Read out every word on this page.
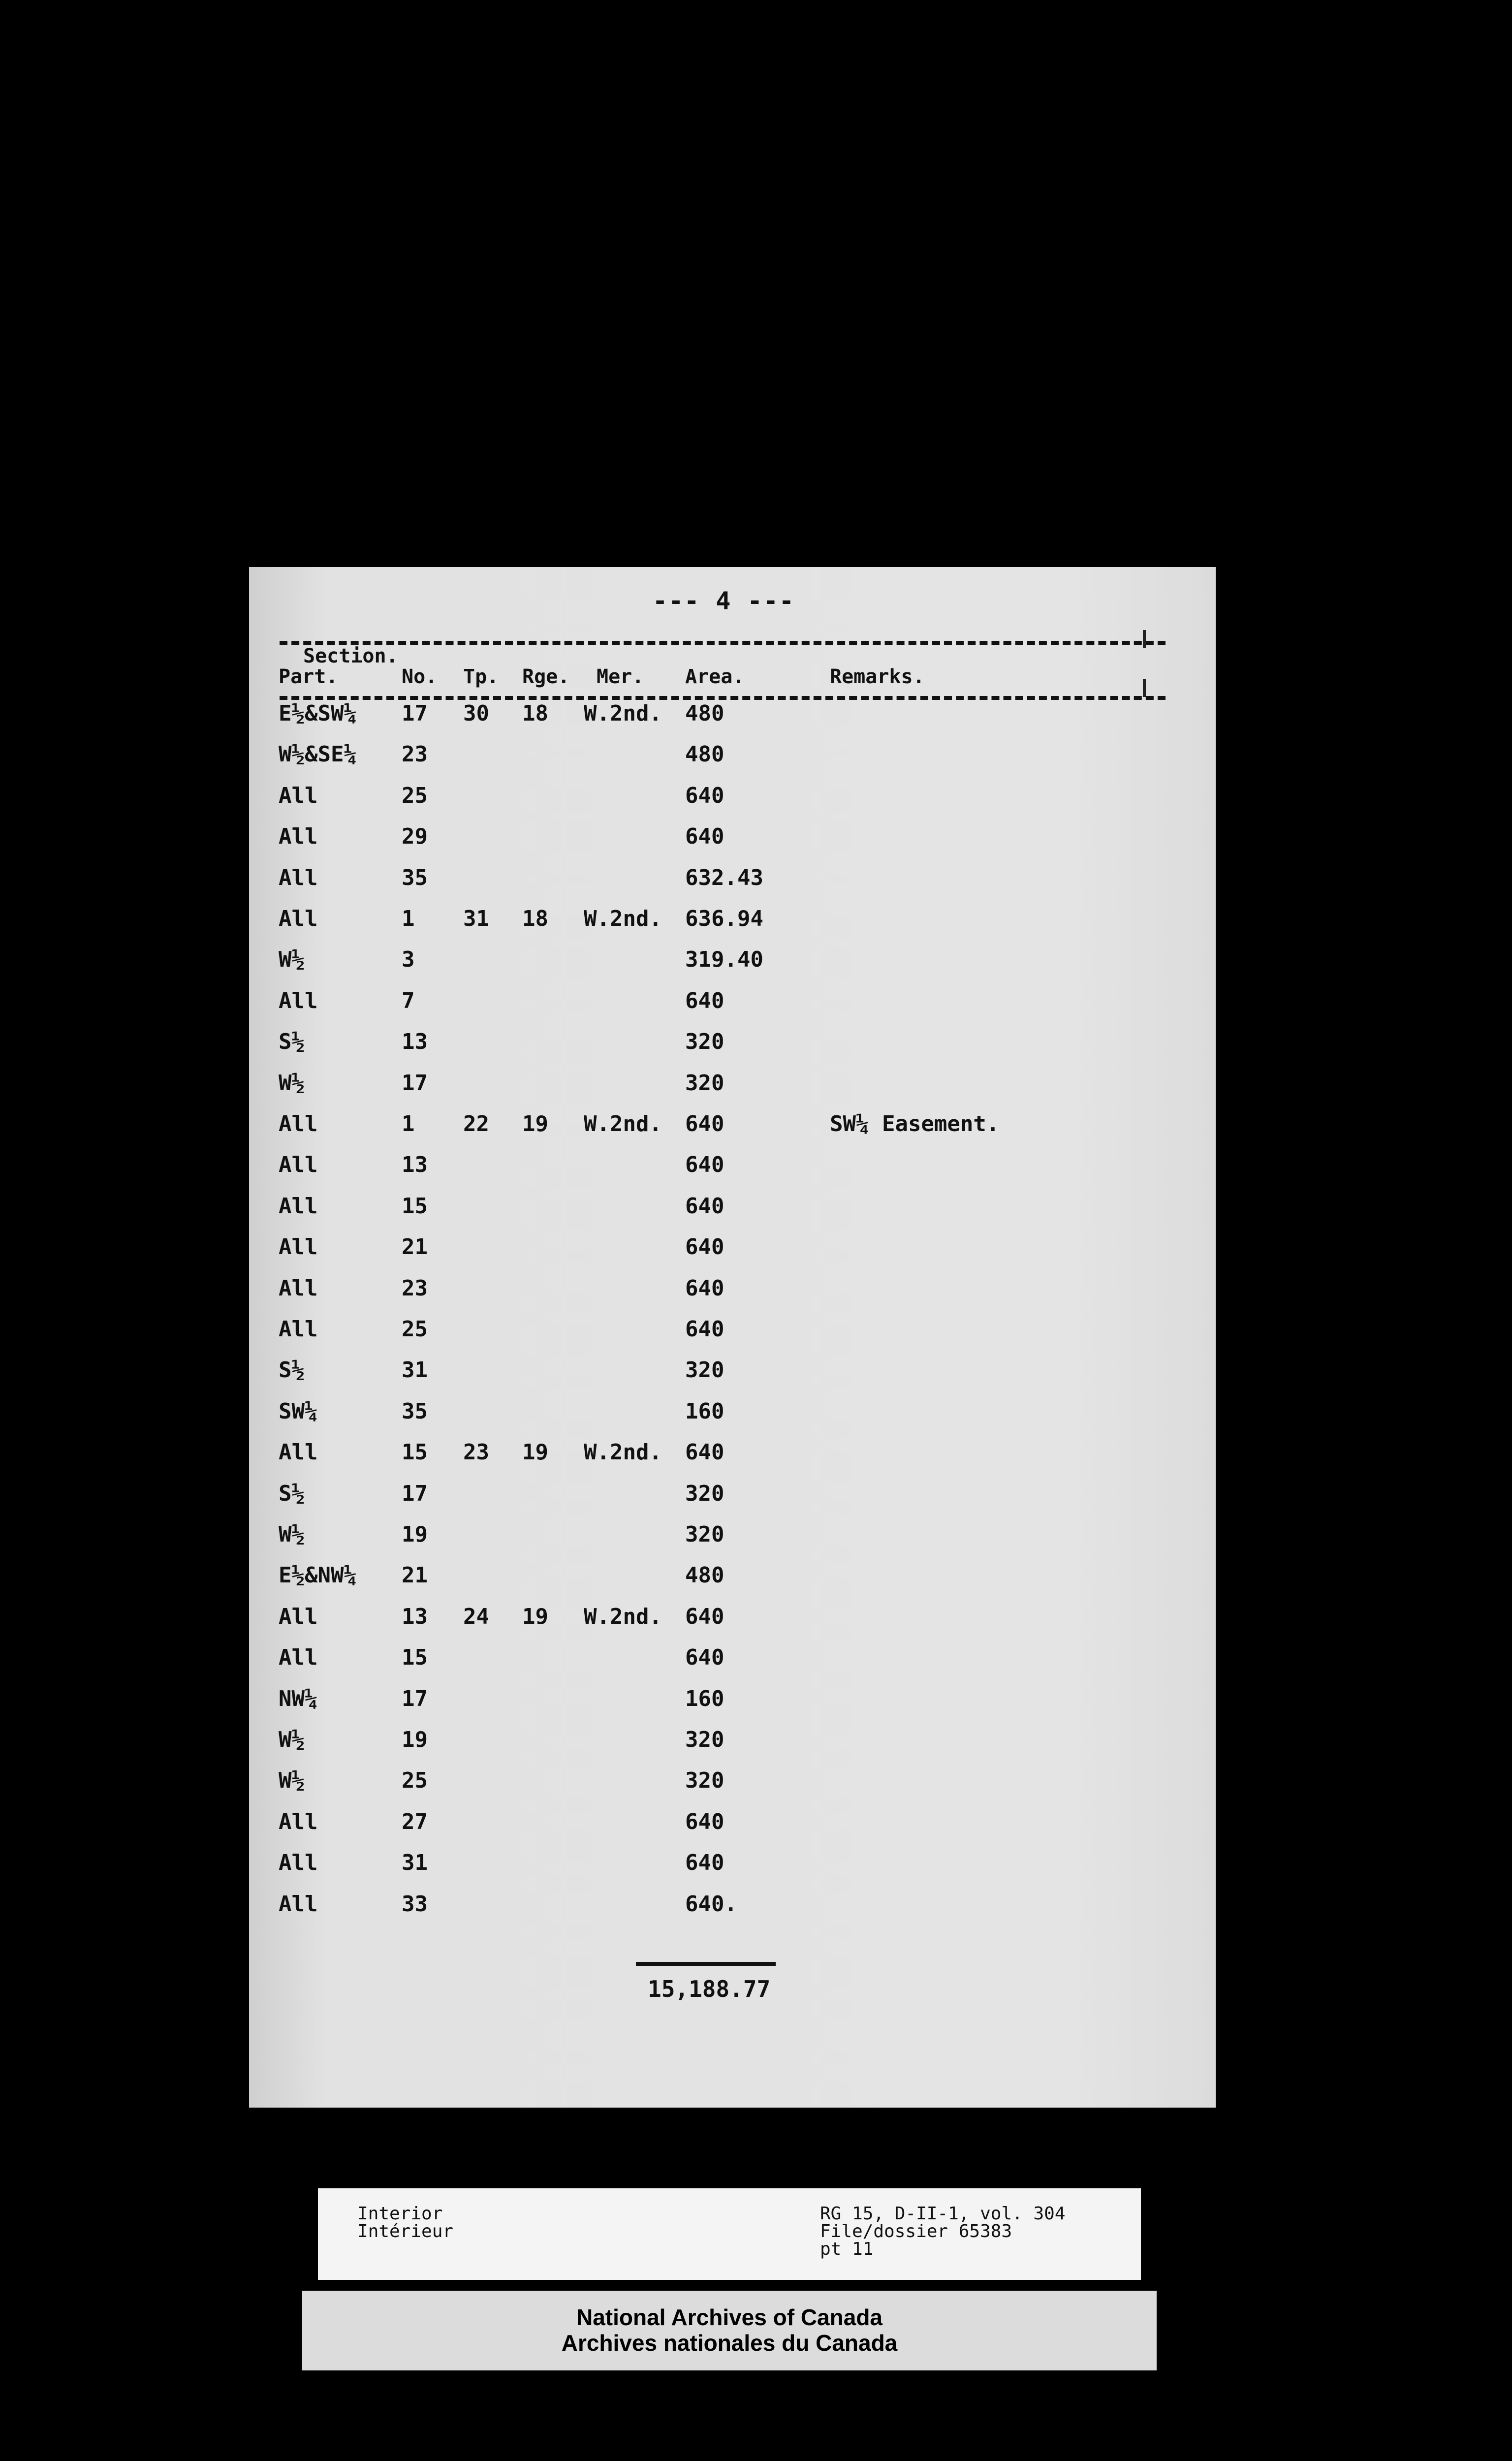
--- 4 ---
Section.
Part.	No. Tp. Rge. Mer. Area.	Remarks.
E½&SW¼ 17 30 18 W.2nd. 480
W½&SE¼ 23	480
All	25	640
All	29	640
All	35	632.43
All	1 31 18 W.2nd. 636.94
W½	3	319.40
All	7	640
S½	13	320
W½	17	320
All	1 22 19 W.2nd. 640	SW¼ Easement.
All	13	640
All	15	640
All	21	640
All	23	640
All	25	640
S½	31	320
SW¼	35	160
All	15 23 19 W.2nd. 640
S½	17	320
W½	19	320
E½&NW¼ 21	480
All	13 24 19 W.2nd. 640
All	15	640
NW¼	17	160
W½	19	320
W½	25	320
All	27	640
All	31	640
All	33	640.
15,188.77
Interior
Intérieur
RG 15, D-II-1, vol. 304
File/dossier 65383
pt 11
National Archives of Canada
Archives nationales du Canada
